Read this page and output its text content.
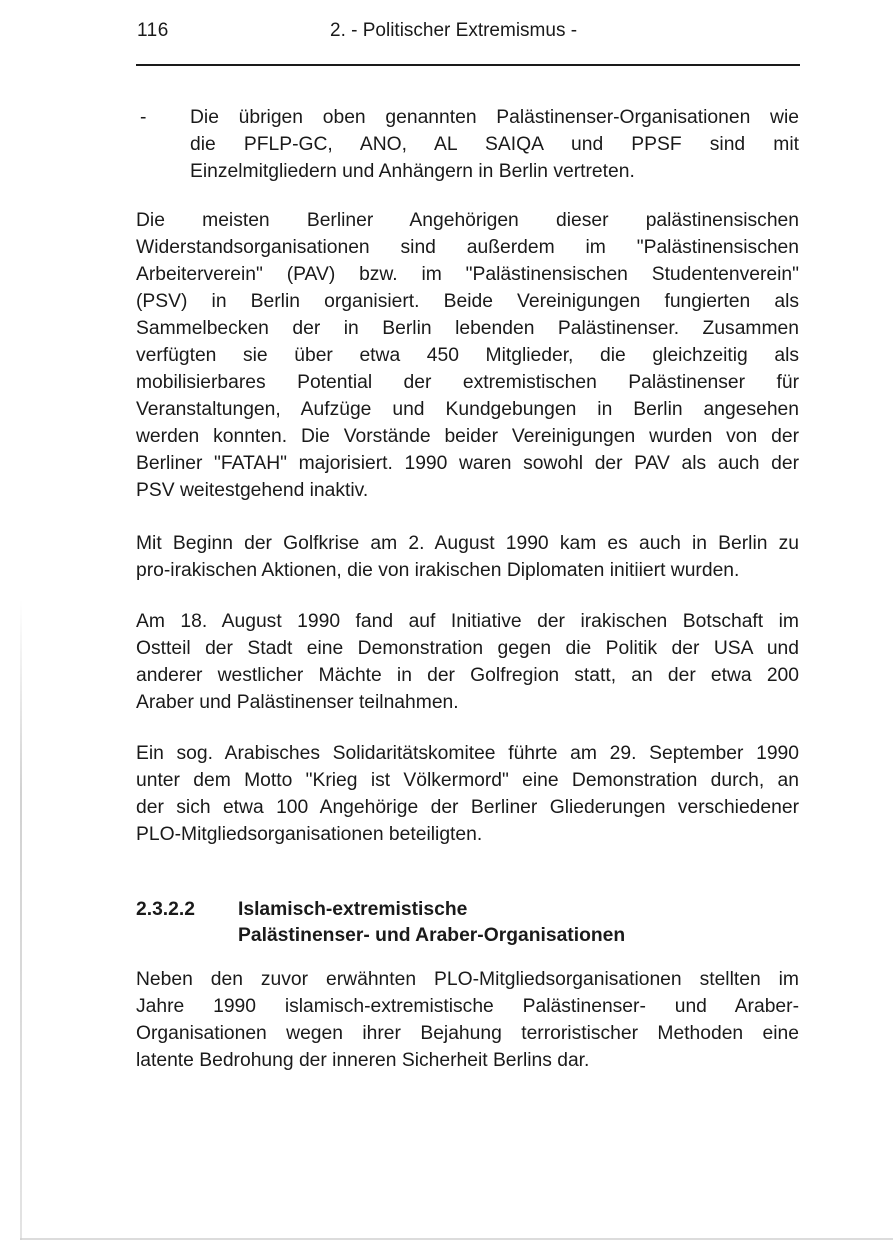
116	2. - Politischer Extremismus -
- Die übrigen oben genannten Palästinenser-Organisationen wie
die PFLP-GC, ANO, AL SAIQA und PPSF sind mit
Einzelmitgliedern und Anhängern in Berlin vertreten.
Die meisten Berliner Angehörigen dieser palästinensischen
Widerstandsorganisationen sind außerdem im "Palästinensischen
Arbeiterverein" (PAV) bzw. im "Palästinensischen Studentenverein"
(PSV) in Berlin organisiert. Beide Vereinigungen fungierten als
Sammelbecken der in Berlin lebenden Palästinenser. Zusammen
verfügten sie über etwa 450 Mitglieder, die gleichzeitig als
mobilisierbares Potential der extremistischen Palästinenser für
Veranstaltungen, Aufzüge und Kundgebungen in Berlin angesehen
werden konnten. Die Vorstände beider Vereinigungen wurden von der
Berliner "FATAH" majorisiert. 1990 waren sowohl der PAV als auch der
PSV weitestgehend inaktiv.
Mit Beginn der Golfkrise am 2. August 1990 kam es auch in Berlin zu
pro-irakischen Aktionen, die von irakischen Diplomaten initiiert wurden.
Am 18. August 1990 fand auf Initiative der irakischen Botschaft im
Ostteil der Stadt eine Demonstration gegen die Politik der USA und
anderer westlicher Mächte in der Golfregion statt, an der etwa 200
Araber und Palästinenser teilnahmen.
Ein sog. Arabisches Solidaritätskomitee führte am 29. September 1990
unter dem Motto "Krieg ist Völkermord" eine Demonstration durch, an
der sich etwa 100 Angehörige der Berliner Gliederungen verschiedener
PLO-Mitgliedsorganisationen beteiligten.
2.3.2.2 Islamisch-extremistische
Palästinenser- und Araber-Organisationen
Neben den zuvor erwähnten PLO-Mitgliedsorganisationen stellten im
Jahre 1990 islamisch-extremistische Palästinenser- und Araber-
Organisationen wegen ihrer Bejahung terroristischer Methoden eine
latente Bedrohung der inneren Sicherheit Berlins dar.
